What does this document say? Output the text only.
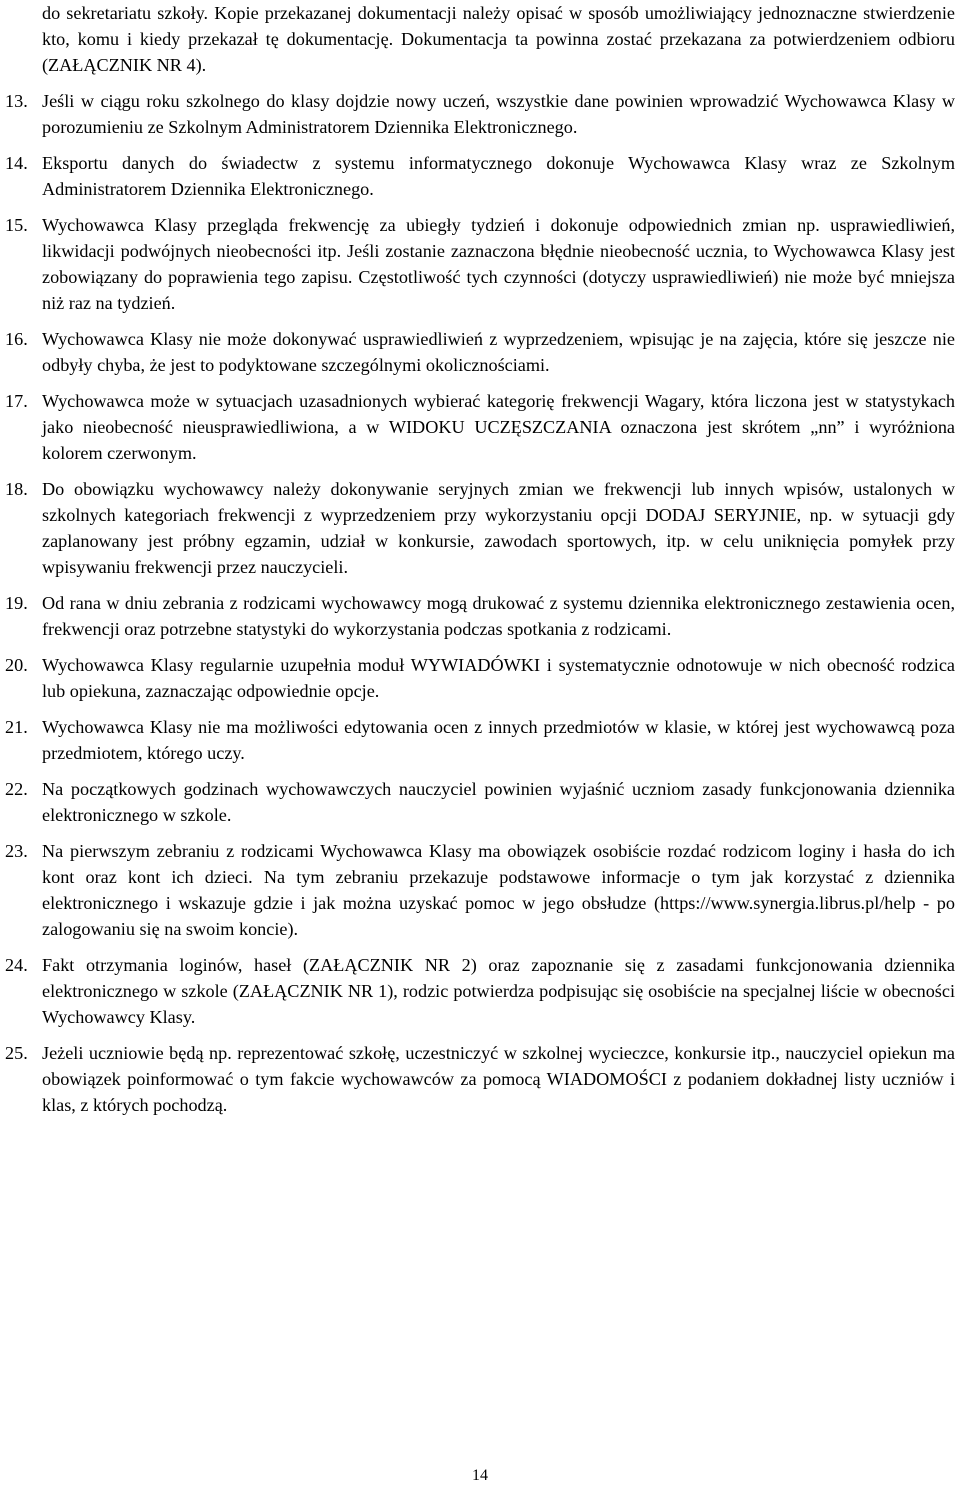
do sekretariatu szkoły. Kopie przekazanej dokumentacji należy opisać w sposób umożliwiający jednoznaczne stwierdzenie kto, komu i kiedy przekazał tę dokumentację. Dokumentacja ta powinna zostać przekazana za potwierdzeniem odbioru (ZAŁĄCZNIK NR 4).

13. Jeśli w ciągu roku szkolnego do klasy dojdzie nowy uczeń, wszystkie dane powinien wprowadzić Wychowawca Klasy w porozumieniu ze Szkolnym Administratorem Dziennika Elektronicznego.
14. Eksportu danych do świadectw z systemu informatycznego dokonuje Wychowawca Klasy wraz ze Szkolnym Administratorem Dziennika Elektronicznego.
15. Wychowawca Klasy przegląda frekwencję za ubiegły tydzień i dokonuje odpowiednich zmian np. usprawiedliwień, likwidacji podwójnych nieobecności itp. Jeśli zostanie zaznaczona błędnie nieobecność ucznia, to Wychowawca Klasy jest zobowiązany do poprawienia tego zapisu. Częstotliwość tych czynności (dotyczy usprawiedliwień) nie może być mniejsza niż raz na tydzień.
16. Wychowawca Klasy nie może dokonywać usprawiedliwień z wyprzedzeniem, wpisując je na zajęcia, które się jeszcze nie odbyły chyba, że jest to podyktowane szczególnymi okolicznościami.
17. Wychowawca może w sytuacjach uzasadnionych wybierać kategorię frekwencji Wagary, która liczona jest w statystykach jako nieobecność nieusprawiedliwiona, a w WIDOKU UCZĘSZCZANIA oznaczona jest skrótem „nn” i wyróżniona kolorem czerwonym.
18. Do obowiązku wychowawcy należy dokonywanie seryjnych zmian we frekwencji lub innych wpisów, ustalonych w szkolnych kategoriach frekwencji z wyprzedzeniem przy wykorzystaniu opcji DODAJ SERYJNIE, np. w sytuacji gdy zaplanowany jest próbny egzamin, udział w konkursie, zawodach sportowych, itp. w celu uniknięcia pomyłek przy wpisywaniu frekwencji przez nauczycieli.
19. Od rana w dniu zebrania z rodzicami wychowawcy mogą drukować z systemu dziennika elektronicznego zestawienia ocen, frekwencji oraz potrzebne statystyki do wykorzystania podczas spotkania z rodzicami.
20. Wychowawca Klasy regularnie uzupełnia moduł WYWIADÓWKI i systematycznie odnotowuje w nich obecność rodzica lub opiekuna, zaznaczając odpowiednie opcje.
21. Wychowawca Klasy nie ma możliwości edytowania ocen z innych przedmiotów w klasie, w której jest wychowawcą poza przedmiotem, którego uczy.
22. Na początkowych godzinach wychowawczych nauczyciel powinien wyjaśnić uczniom zasady funkcjonowania dziennika elektronicznego w szkole.
23. Na pierwszym zebraniu z rodzicami Wychowawca Klasy ma obowiązek osobiście rozdać rodzicom loginy i hasła do ich kont oraz kont ich dzieci. Na tym zebraniu przekazuje podstawowe informacje o tym jak korzystać z dziennika elektronicznego i wskazuje gdzie i jak można uzyskać pomoc w jego obsłudze (https://www.synergia.librus.pl/help - po zalogowaniu się na swoim koncie).
24. Fakt otrzymania loginów, haseł (ZAŁĄCZNIK NR 2) oraz zapoznanie się z zasadami funkcjonowania dziennika elektronicznego w szkole (ZAŁĄCZNIK NR 1), rodzic potwierdza podpisując się osobiście na specjalnej liście w obecności Wychowawcy Klasy.
25. Jeżeli uczniowie będą np. reprezentować szkołę, uczestniczyć w szkolnej wycieczce, konkursie itp., nauczyciel opiekun ma obowiązek poinformować o tym fakcie wychowawców za pomocą WIADOMOŚCI z podaniem dokładnej listy uczniów i klas, z których pochodzą.
14
